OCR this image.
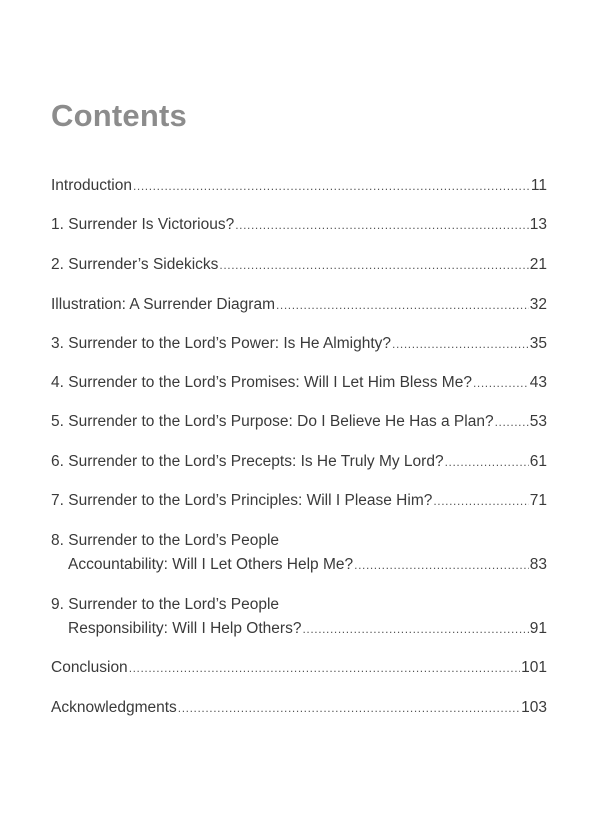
Contents
Introduction .....	11
1. Surrender Is Victorious? .....	13
2. Surrender’s Sidekicks .....	21
Illustration: A Surrender Diagram .....	32
3. Surrender to the Lord’s Power: Is He Almighty? .....	35
4. Surrender to the Lord’s Promises: Will I Let Him Bless Me? .....	43
5. Surrender to the Lord’s Purpose: Do I Believe He Has a Plan? ..... 53
6. Surrender to the Lord’s Precepts: Is He Truly My Lord? .....	61
7. Surrender to the Lord’s Principles: Will I Please Him? .....	71
8. Surrender to the Lord’s People
Accountability: Will I Let Others Help Me? .....	83
9. Surrender to the Lord’s People
Responsibility: Will I Help Others? .....	91
Conclusion .....	101
Acknowledgments .....	103
